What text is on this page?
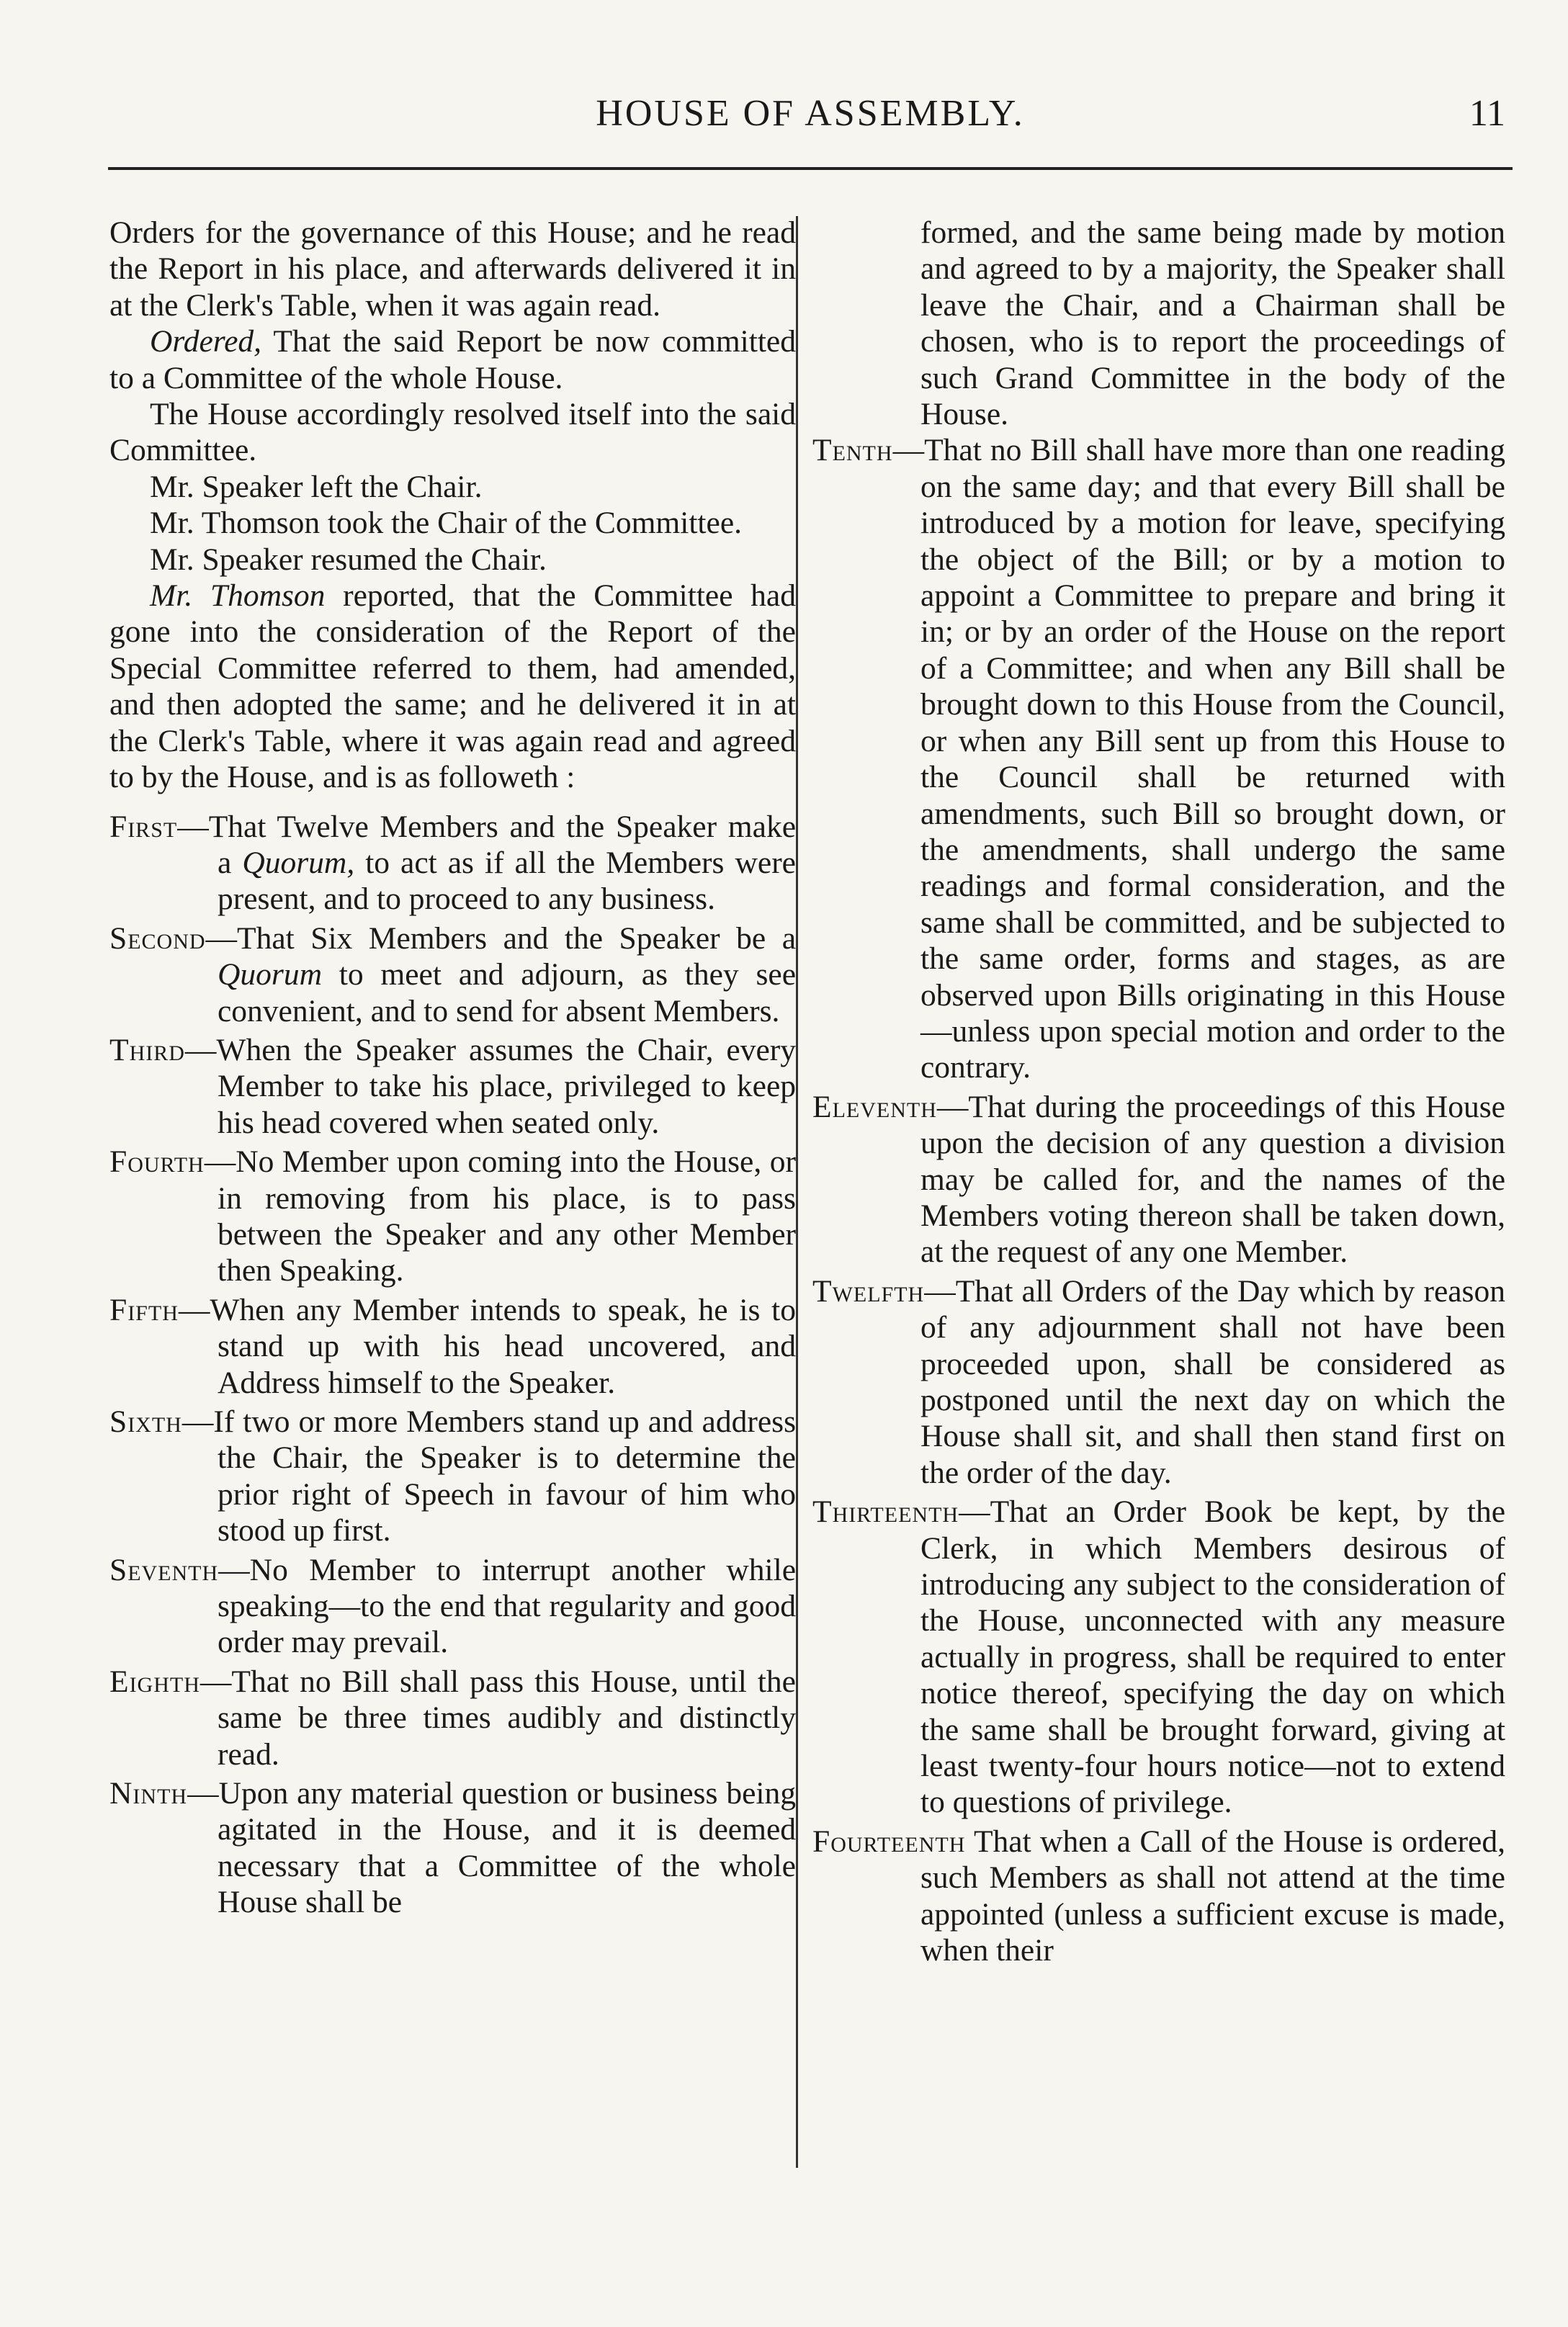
HOUSE OF ASSEMBLY.	11

Orders for the governance of this House; and he read the Report in his place, and afterwards delivered it in at the Clerk's Table, when it was again read.

Ordered, That the said Report be now committed to a Committee of the whole House.

The House accordingly resolved itself into the said Committee.

Mr. Speaker left the Chair.

Mr. Thomson took the Chair of the Committee.

Mr. Speaker resumed the Chair.

Mr. Thomson reported, that the Committee had gone into the consideration of the Report of the Special Committee referred to them, had amended, and then adopted the same; and he delivered it in at the Clerk's Table, where it was again read and agreed to by the House, and is as followeth :

First—That Twelve Members and the Speaker make a Quorum, to act as if all the Members were present, and to proceed to any business.

Second—That Six Members and the Speaker be a Quorum to meet and adjourn, as they see convenient, and to send for absent Members.

Third—When the Speaker assumes the Chair, every Member to take his place, privileged to keep his head covered when seated only.

Fourth—No Member upon coming into the House, or in removing from his place, is to pass between the Speaker and any other Member then Speaking.

Fifth—When any Member intends to speak, he is to stand up with his head uncovered, and Address himself to the Speaker.

Sixth—If two or more Members stand up and address the Chair, the Speaker is to determine the prior right of Speech in favour of him who stood up first.

Seventh—No Member to interrupt another while speaking—to the end that regularity and good order may prevail.

Eighth—That no Bill shall pass this House, until the same be three times audibly and distinctly read.

Ninth—Upon any material question or business being agitated in the House, and it is deemed necessary that a Committee of the whole House shall be

formed, and the same being made by motion and agreed to by a majority, the Speaker shall leave the Chair, and a Chairman shall be chosen, who is to report the proceedings of such Grand Committee in the body of the House.

Tenth—That no Bill shall have more than one reading on the same day; and that every Bill shall be introduced by a motion for leave, specifying the object of the Bill; or by a motion to appoint a Committee to prepare and bring it in; or by an order of the House on the report of a Committee; and when any Bill shall be brought down to this House from the Council, or when any Bill sent up from this House to the Council shall be returned with amendments, such Bill so brought down, or the amendments, shall undergo the same readings and formal consideration, and the same shall be committed, and be subjected to the same order, forms and stages, as are observed upon Bills originating in this House—unless upon special motion and order to the contrary.

Eleventh—That during the proceedings of this House upon the decision of any question a division may be called for, and the names of the Members voting thereon shall be taken down, at the request of any one Member.

Twelfth—That all Orders of the Day which by reason of any adjournment shall not have been proceeded upon, shall be considered as postponed until the next day on which the House shall sit, and shall then stand first on the order of the day.

Thirteenth—That an Order Book be kept, by the Clerk, in which Members desirous of introducing any subject to the consideration of the House, unconnected with any measure actually in progress, shall be required to enter notice thereof, specifying the day on which the same shall be brought forward, giving at least twenty-four hours notice—not to extend to questions of privilege.

Fourteenth That when a Call of the House is ordered, such Members as shall not attend at the time appointed (unless a sufficient excuse is made, when their
